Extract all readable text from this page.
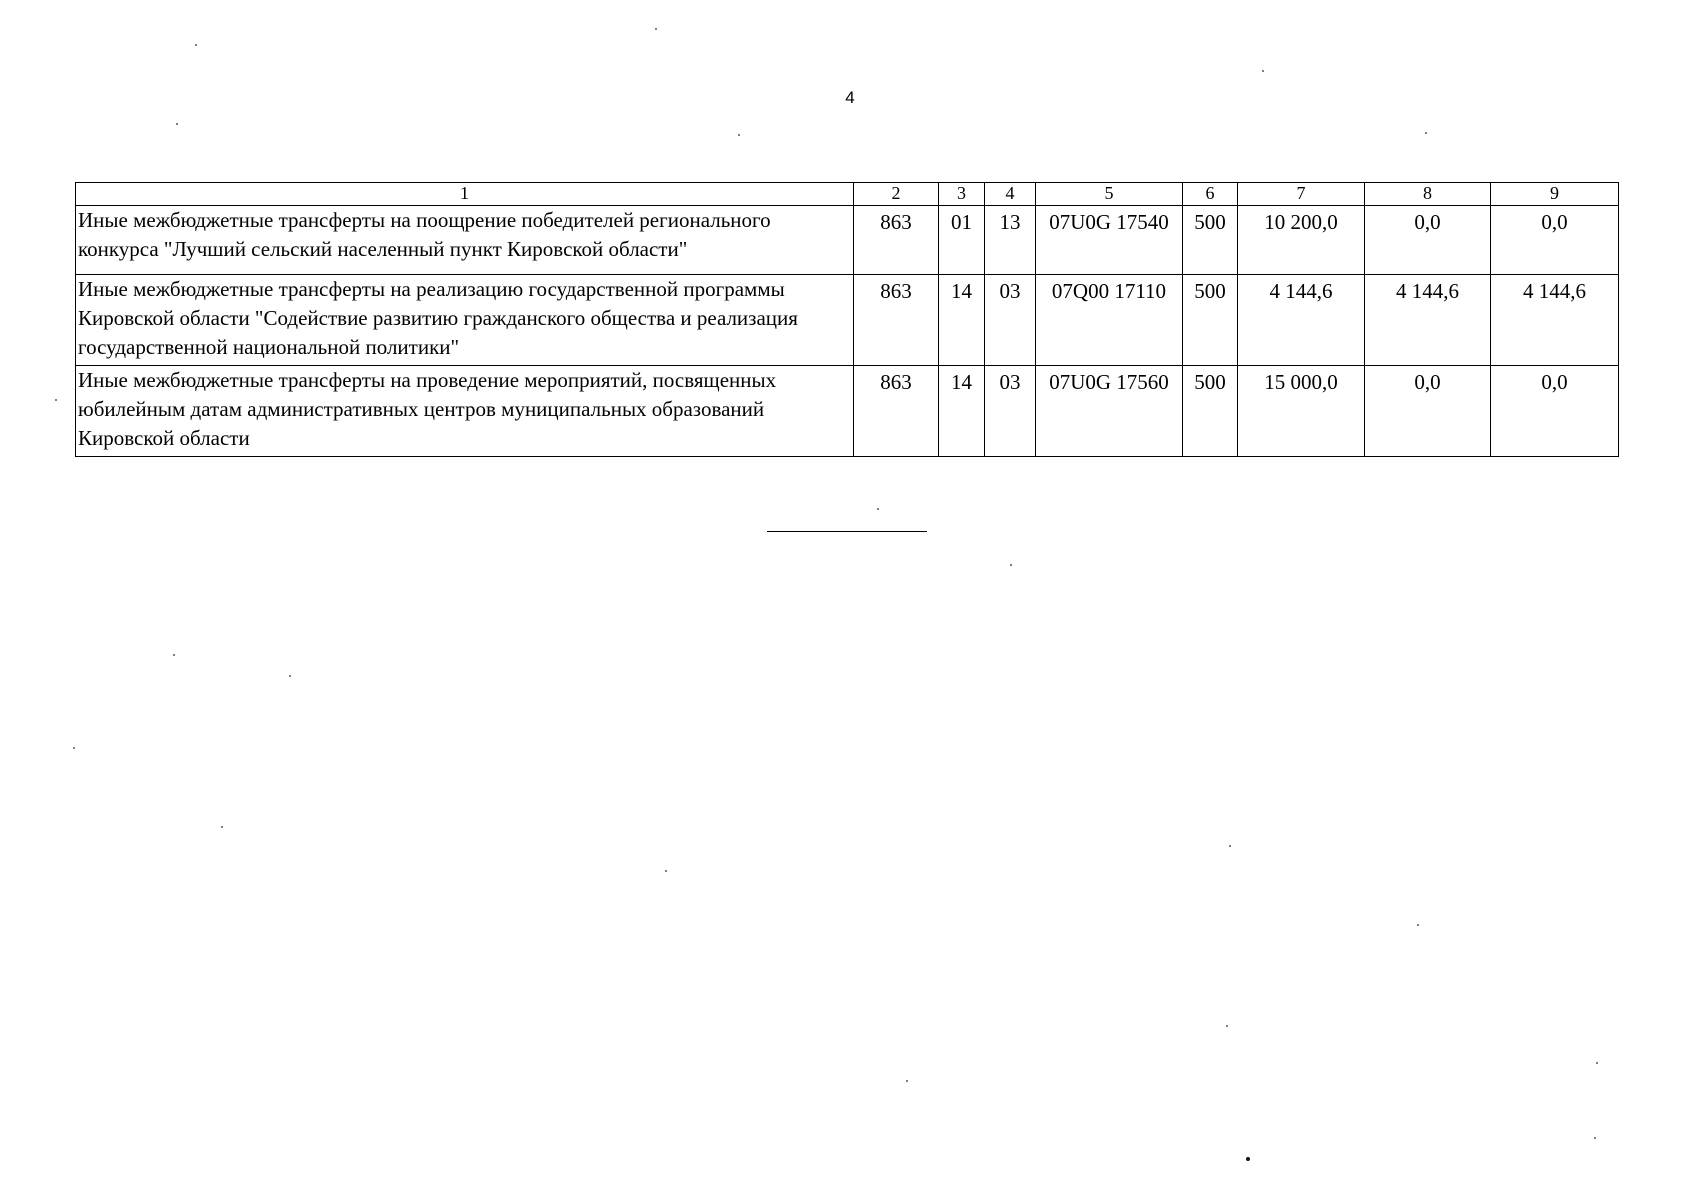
4
1	2	3	4	5	6	7	8	9
Иные межбюджетные трансферты на поощрение победителей регионального конкурса "Лучший сельский населенный пункт Кировской области"	863	01	13	07U0G 17540	500	10 200,0	0,0	0,0
Иные межбюджетные трансферты на реализацию государственной программы Кировской области "Содействие развитию гражданского общества и реализация государственной национальной политики"	863	14	03	07Q00 17110	500	4 144,6	4 144,6	4 144,6
Иные межбюджетные трансферты на проведение мероприятий, посвященных юбилейным датам административных центров муниципальных образований Кировской области	863	14	03	07U0G 17560	500	15 000,0	0,0	0,0
